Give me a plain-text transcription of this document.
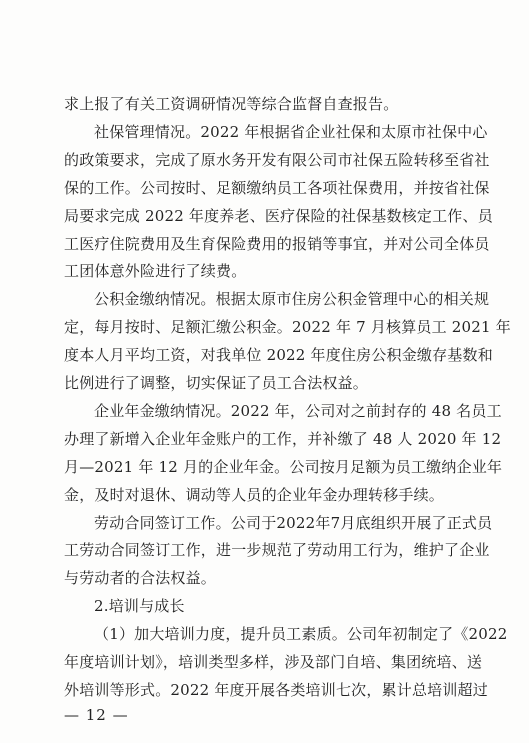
求上报了有关工资调研情况等综合监督自查报告。
社保管理情况。2022 年根据省企业社保和太原市社保中心
的政策要求，完成了原水务开发有限公司市社保五险转移至省社
保的工作。公司按时、足额缴纳员工各项社保费用，并按省社保
局要求完成 2022 年度养老、医疗保险的社保基数核定工作、员
工医疗住院费用及生育保险费用的报销等事宜，并对公司全体员
工团体意外险进行了续费。
公积金缴纳情况。根据太原市住房公积金管理中心的相关规
定，每月按时、足额汇缴公积金。2022 年 7 月核算员工 2021 年
度本人月平均工资，对我单位 2022 年度住房公积金缴存基数和
比例进行了调整，切实保证了员工合法权益。
企业年金缴纳情况。2022 年，公司对之前封存的 48 名员工
办理了新增入企业年金账户的工作，并补缴了 48 人 2020 年 12
月—2021 年 12 月的企业年金。公司按月足额为员工缴纳企业年
金，及时对退休、调动等人员的企业年金办理转移手续。
劳动合同签订工作。公司于2022年7月底组织开展了正式员
工劳动合同签订工作，进一步规范了劳动用工行为，维护了企业
与劳动者的合法权益。
2.培训与成长
（1）加大培训力度，提升员工素质。公司年初制定了《2022
年度培训计划》，培训类型多样，涉及部门自培、集团统培、送
外培训等形式。2022 年度开展各类培训七次，累计总培训超过
— 12 —
